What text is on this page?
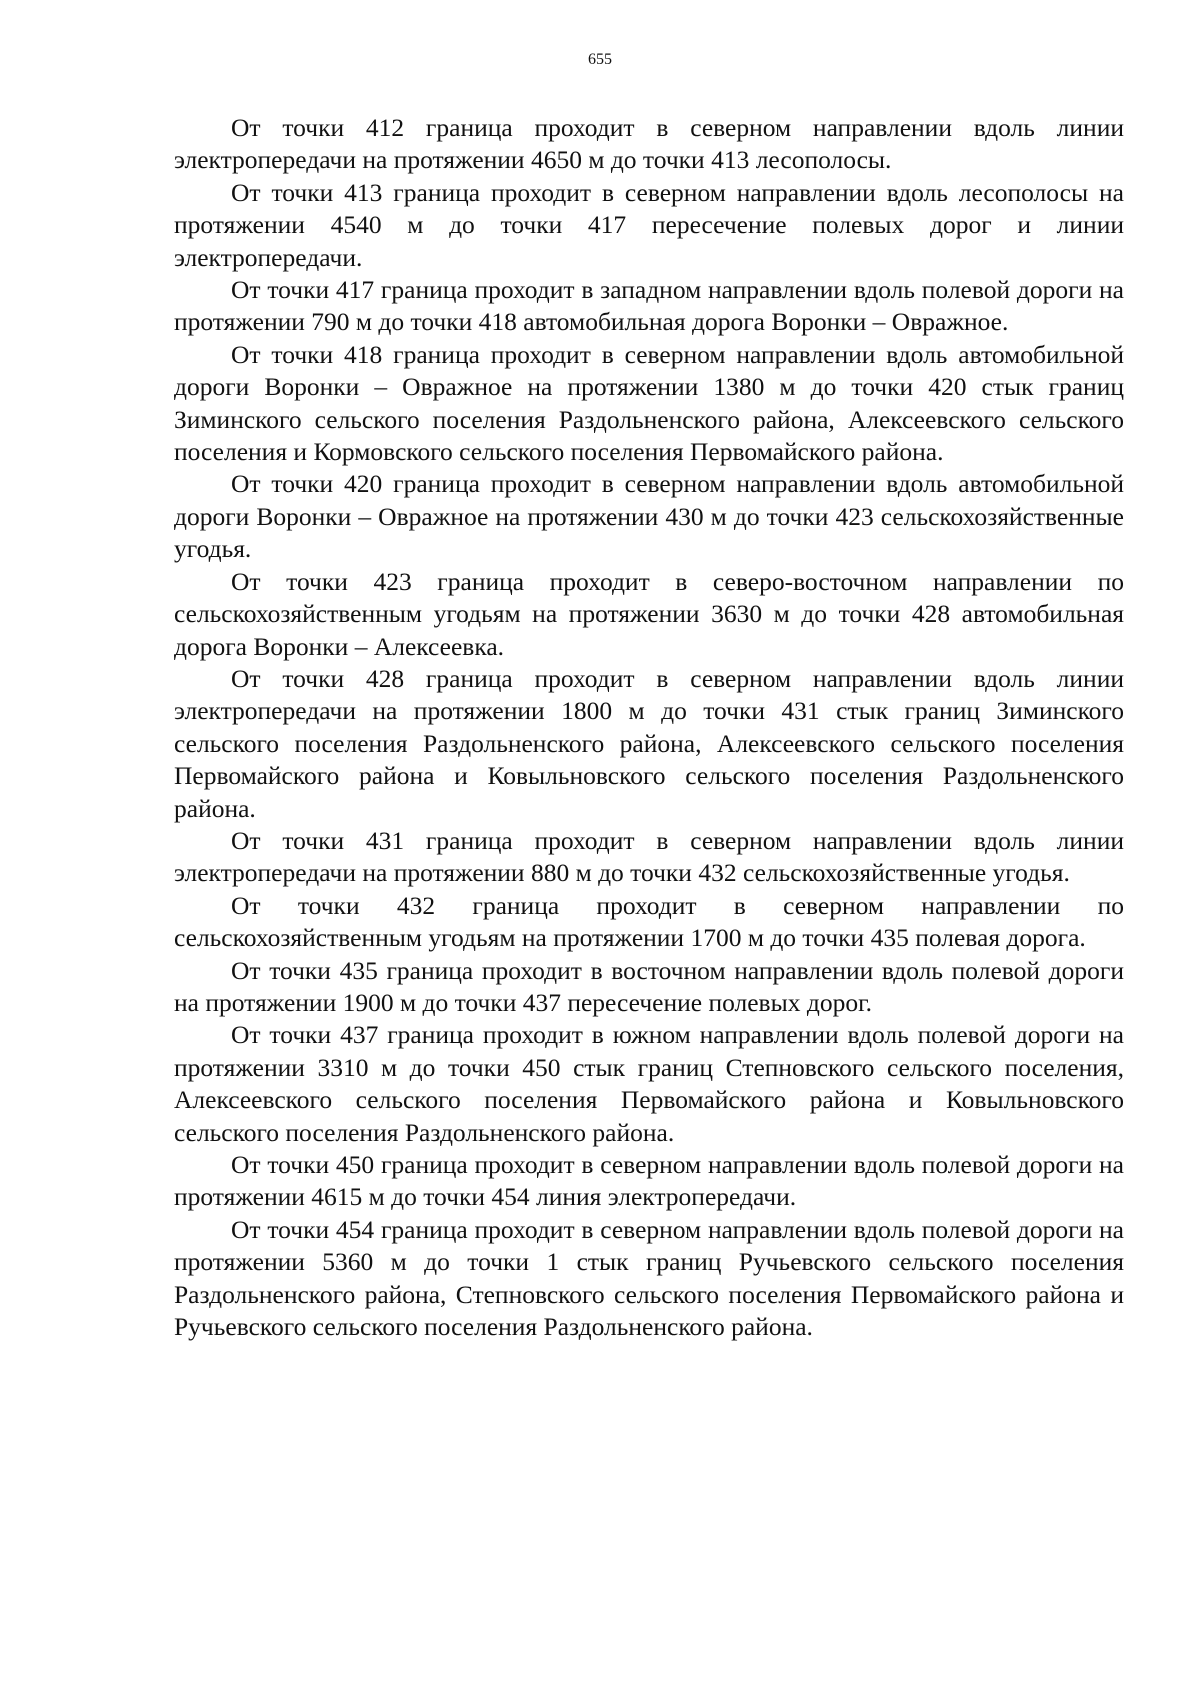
655

От точки 412 граница проходит в северном направлении вдоль линии электропередачи на протяжении 4650 м до точки 413 лесополосы.

От точки 413 граница проходит в северном направлении вдоль лесополосы на протяжении 4540 м до точки 417 пересечение полевых дорог и линии электропередачи.

От точки 417 граница проходит в западном направлении вдоль полевой дороги на протяжении 790 м до точки 418 автомобильная дорога Воронки – Овражное.

От точки 418 граница проходит в северном направлении вдоль автомобильной дороги Воронки – Овражное на протяжении 1380 м до точки 420 стык границ Зиминского сельского поселения Раздольненского района, Алексеевского сельского поселения и Кормовского сельского поселения Первомайского района.

От точки 420 граница проходит в северном направлении вдоль автомобильной дороги Воронки – Овражное на протяжении 430 м до точки 423 сельскохозяйственные угодья.

От точки 423 граница проходит в северо-восточном направлении по сельскохозяйственным угодьям на протяжении 3630 м до точки 428 автомобильная дорога Воронки – Алексеевка.

От точки 428 граница проходит в северном направлении вдоль линии электропередачи на протяжении 1800 м до точки 431 стык границ Зиминского сельского поселения Раздольненского района, Алексеевского сельского поселения Первомайского района и Ковыльновского сельского поселения Раздольненского района.

От точки 431 граница проходит в северном направлении вдоль линии электропередачи на протяжении 880 м до точки 432 сельскохозяйственные угодья.

От точки 432 граница проходит в северном направлении по сельскохозяйственным угодьям на протяжении 1700 м до точки 435 полевая дорога.

От точки 435 граница проходит в восточном направлении вдоль полевой дороги на протяжении 1900 м до точки 437 пересечение полевых дорог.

От точки 437 граница проходит в южном направлении вдоль полевой дороги на протяжении 3310 м до точки 450 стык границ Степновского сельского поселения, Алексеевского сельского поселения Первомайского района и Ковыльновского сельского поселения Раздольненского района.

От точки 450 граница проходит в северном направлении вдоль полевой дороги на протяжении 4615 м до точки 454 линия электропередачи.

От точки 454 граница проходит в северном направлении вдоль полевой дороги на протяжении 5360 м до точки 1 стык границ Ручьевского сельского поселения Раздольненского района, Степновского сельского поселения Первомайского района и Ручьевского сельского поселения Раздольненского района.
